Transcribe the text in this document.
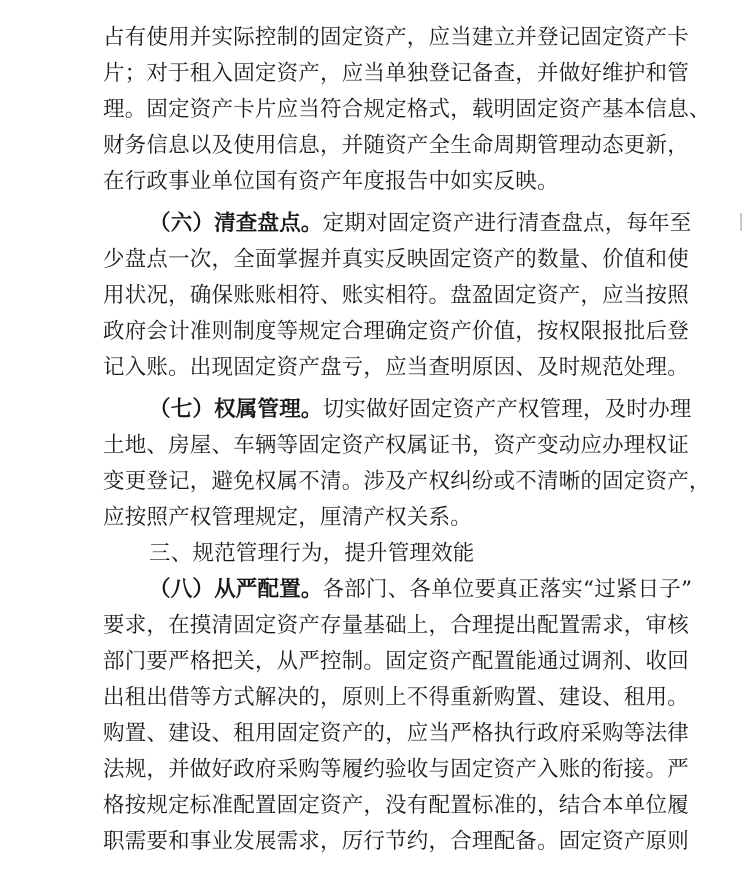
占有使用并实际控制的固定资产，应当建立并登记固定资产卡
片；对于租入固定资产，应当单独登记备查，并做好维护和管
理。固定资产卡片应当符合规定格式，载明固定资产基本信息、
财务信息以及使用信息，并随资产全生命周期管理动态更新，
在行政事业单位国有资产年度报告中如实反映。
（六）清查盘点。定期对固定资产进行清查盘点，每年至
少盘点一次，全面掌握并真实反映固定资产的数量、价值和使
用状况，确保账账相符、账实相符。盘盈固定资产，应当按照
政府会计准则制度等规定合理确定资产价值，按权限报批后登
记入账。出现固定资产盘亏，应当查明原因、及时规范处理。
（七）权属管理。切实做好固定资产产权管理，及时办理
土地、房屋、车辆等固定资产权属证书，资产变动应办理权证
变更登记，避免权属不清。涉及产权纠纷或不清晰的固定资产，
应按照产权管理规定，厘清产权关系。
三、规范管理行为，提升管理效能
（八）从严配置。各部门、各单位要真正落实“过紧日子”
要求，在摸清固定资产存量基础上，合理提出配置需求，审核
部门要严格把关，从严控制。固定资产配置能通过调剂、收回
出租出借等方式解决的，原则上不得重新购置、建设、租用。
购置、建设、租用固定资产的，应当严格执行政府采购等法律
法规，并做好政府采购等履约验收与固定资产入账的衔接。严
格按规定标准配置固定资产，没有配置标准的，结合本单位履
职需要和事业发展需求，厉行节约，合理配备。固定资产原则
